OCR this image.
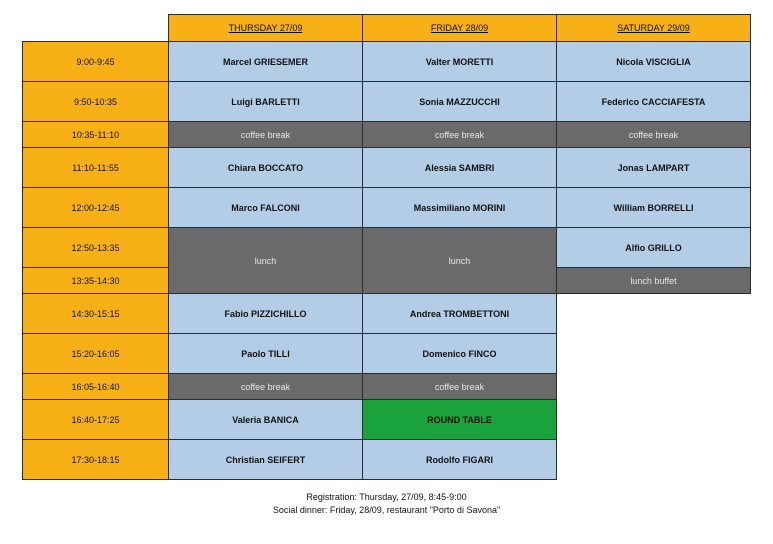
	THURSDAY 27/09	FRIDAY 28/09	SATURDAY 29/09
9:00-9:45	Marcel GRIESEMER	Valter MORETTI	Nicola VISCIGLIA
9:50-10:35	Luigi BARLETTI	Sonia MAZZUCCHI	Federico CACCIAFESTA
10:35-11:10	coffee break	coffee break	coffee break
11:10-11:55	Chiara BOCCATO	Alessia SAMBRI	Jonas LAMPART
12:00-12:45	Marco FALCONI	Massimiliano MORINI	William BORRELLI
12:50-13:35	lunch	lunch	Alfio GRILLO
13:35-14:30			lunch buffet
14:30-15:15	Fabio PIZZICHILLO	Andrea TROMBETTONI	
15:20-16:05	Paolo TILLI	Domenico FINCO	
16:05-16:40	coffee break	coffee break	
16:40-17:25	Valeria BANICA	ROUND TABLE	
17:30-18:15	Christian SEIFERT	Rodolfo FIGARI	
Registration: Thursday, 27/09, 8:45-9:00
Social dinner: Friday, 28/09, restaurant "Porto di Savona"
